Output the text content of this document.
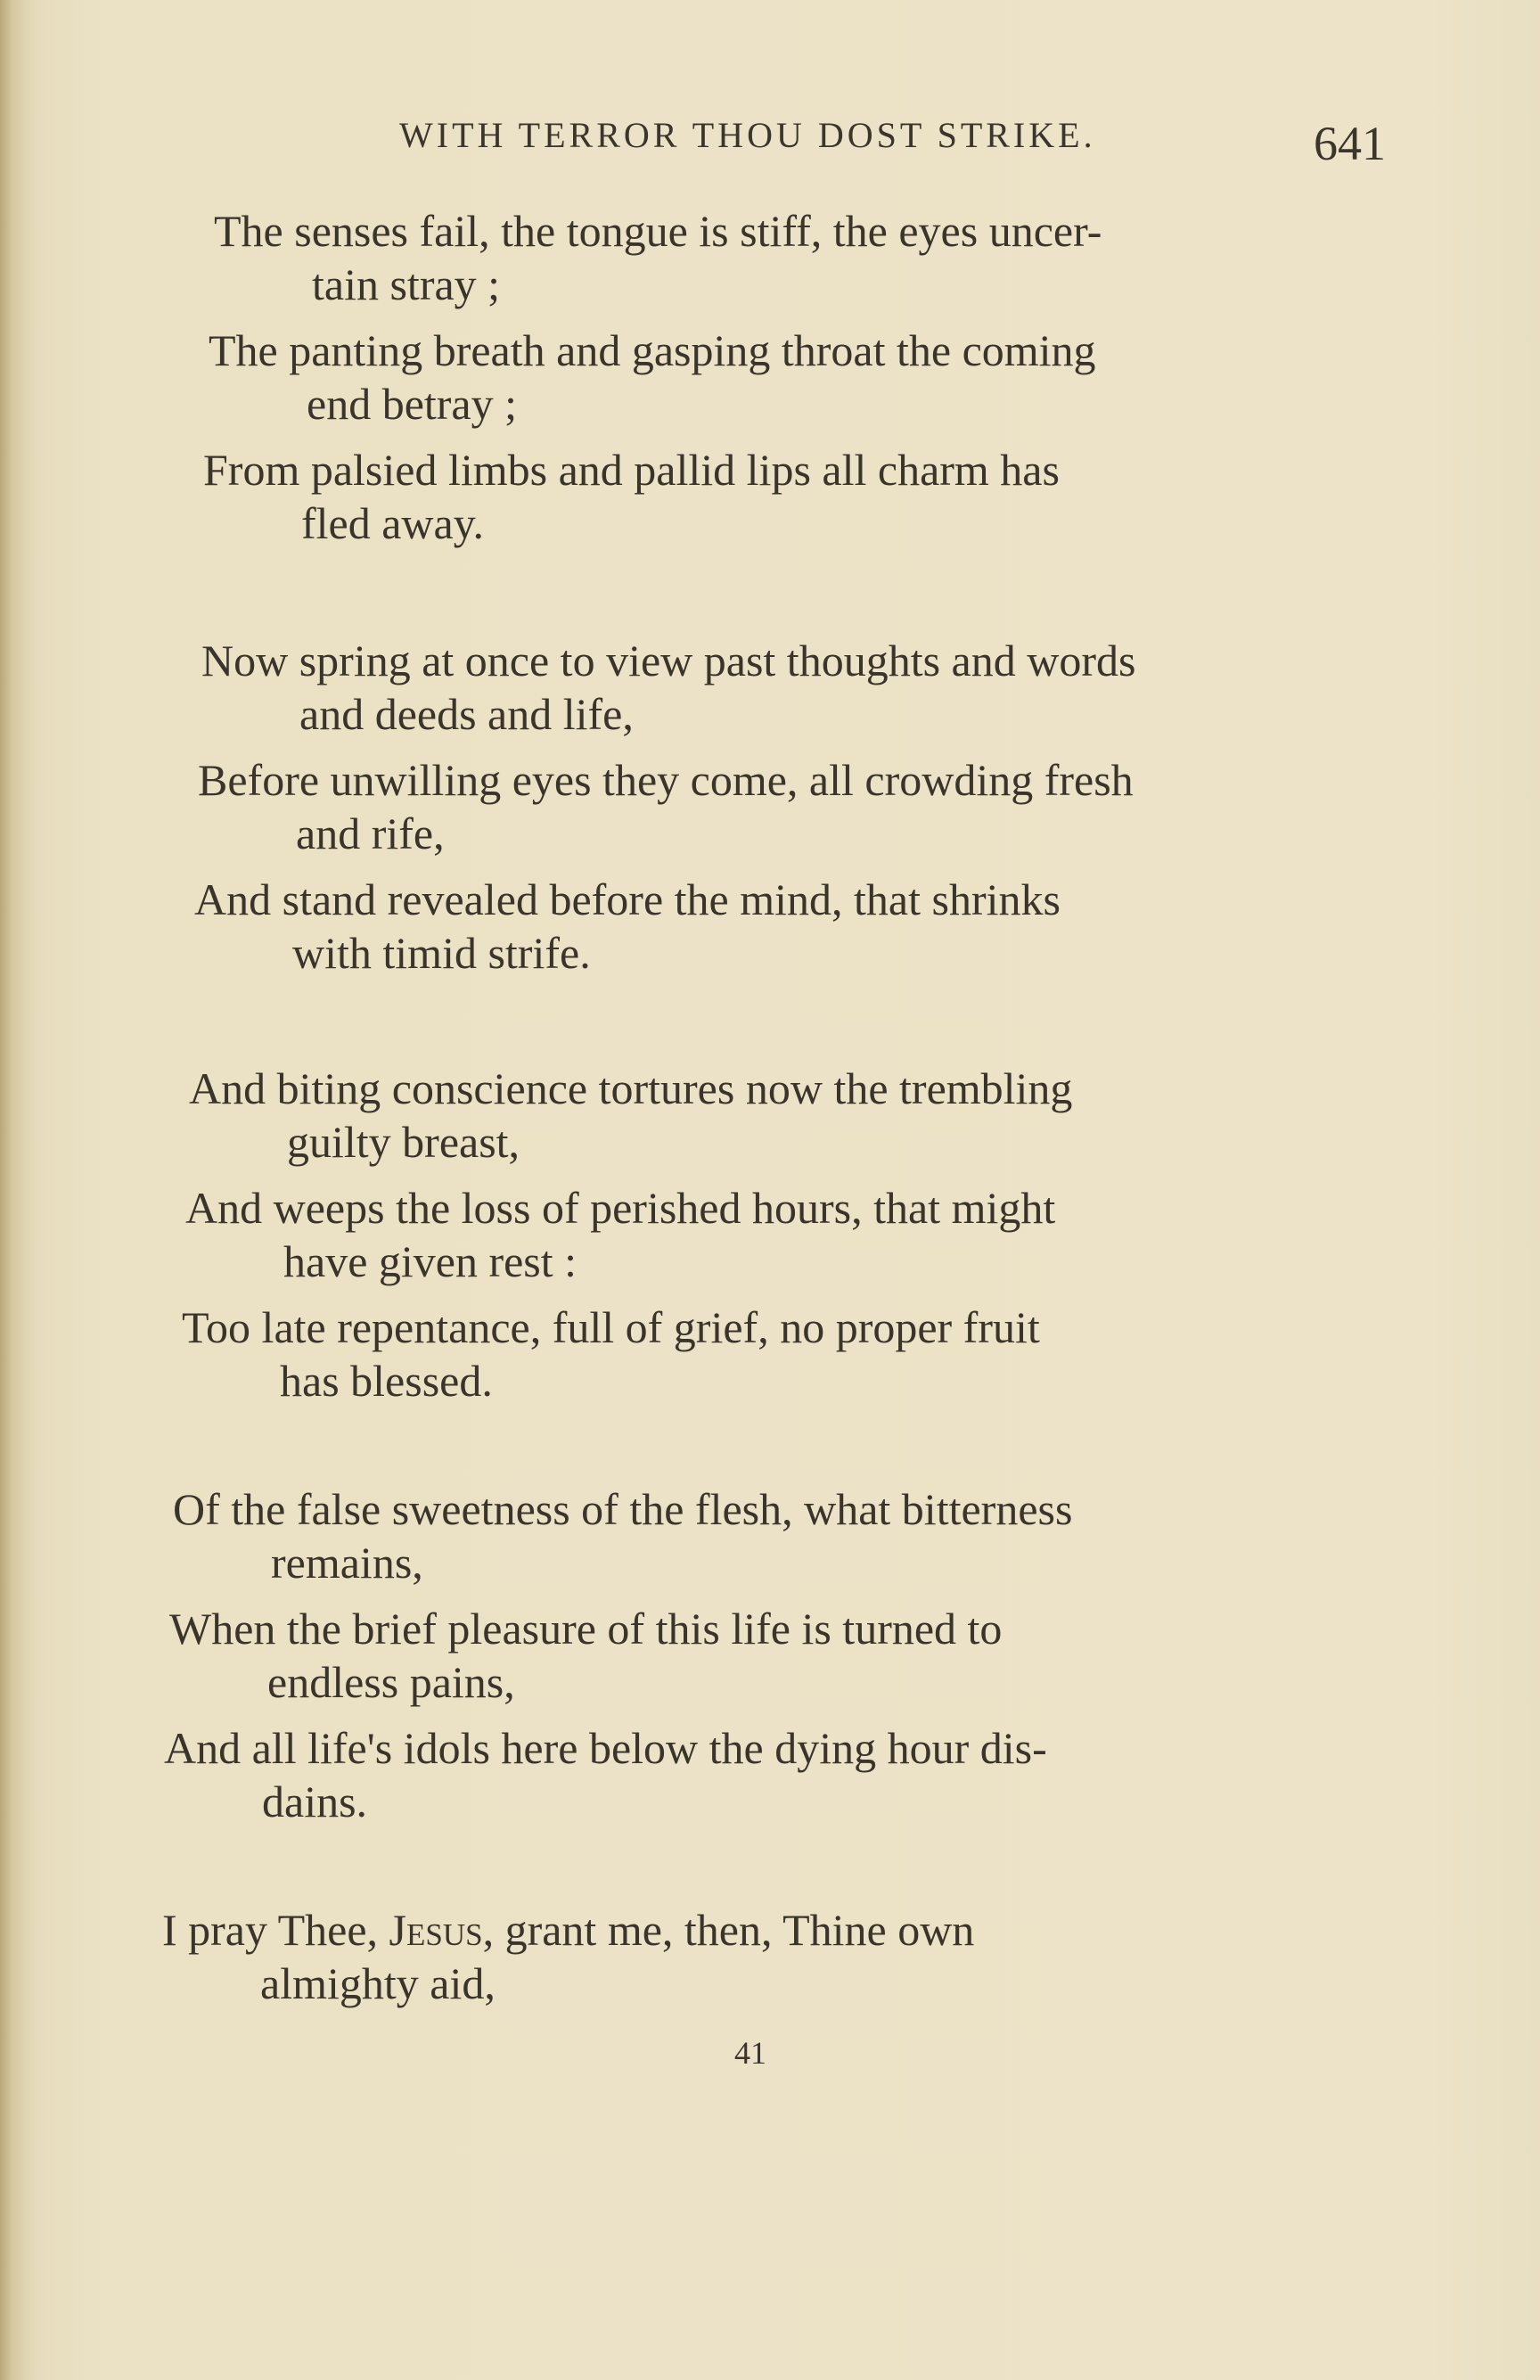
WITH TERROR THOU DOST STRIKE.	641
The senses fail, the tongue is stiff, the eyes uncer-
tain stray ;
The panting breath and gasping throat the coming
end betray ;
From palsied limbs and pallid lips all charm has
fled away.
Now spring at once to view past thoughts and words
and deeds and life,
Before unwilling eyes they come, all crowding fresh
and rife,
And stand revealed before the mind, that shrinks
with timid strife.
And biting conscience tortures now the trembling
guilty breast,
And weeps the loss of perished hours, that might
have given rest :
Too late repentance, full of grief, no proper fruit
has blessed.
Of the false sweetness of the flesh, what bitterness
remains,
When the brief pleasure of this life is turned to
endless pains,
And all life's idols here below the dying hour dis-
dains.
I pray Thee, Jesus, grant me, then, Thine own
almighty aid,
41
